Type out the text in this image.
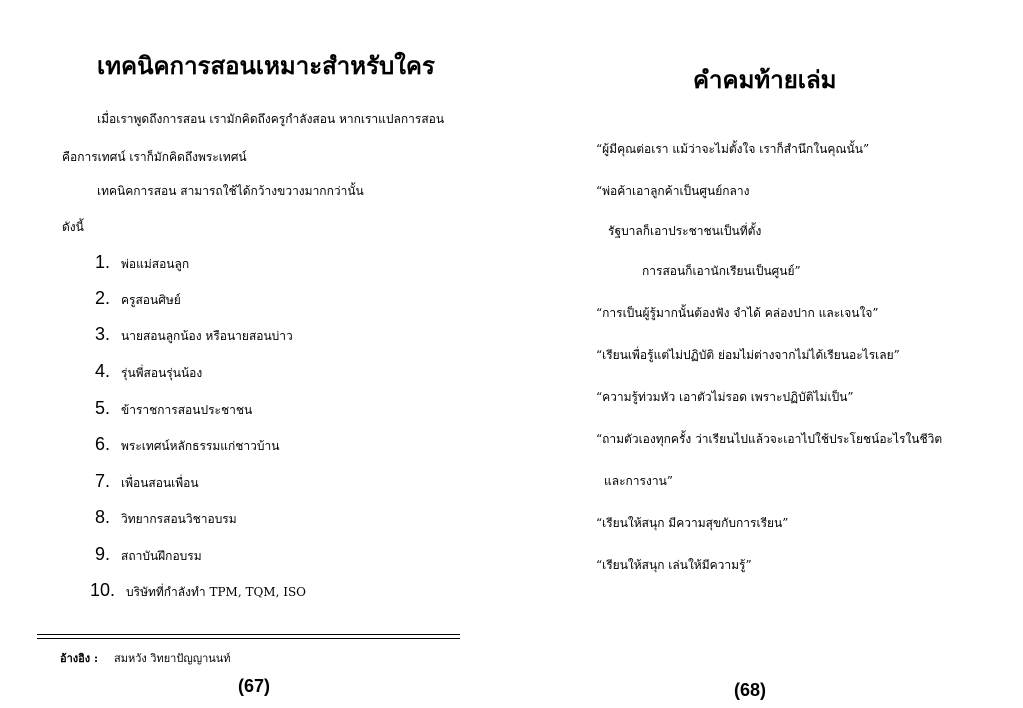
เทคนิคการสอนเหมาะสำหรับใคร
เมื่อเราพูดถึงการสอน เรามักคิดถึงครูกำลังสอน หากเราแปลการสอน
คือการเทศน์ เราก็มักคิดถึงพระเทศน์
เทคนิคการสอน สามารถใช้ได้กว้างขวางมากกว่านั้น
ดังนี้
1. พ่อแม่สอนลูก
2. ครูสอนศิษย์
3. นายสอนลูกน้อง หรือนายสอนบ่าว
4. รุ่นพี่สอนรุ่นน้อง
5. ข้าราชการสอนประชาชน
6. พระเทศน์หลักธรรมแก่ชาวบ้าน
7. เพื่อนสอนเพื่อน
8. วิทยากรสอนวิชาอบรม
9. สถาบันฝึกอบรม
10. บริษัทที่กำลังทำ TPM, TQM, ISO
อ้างอิง : สมหวัง วิทยาปัญญานนท์
(67)
คำคมท้ายเล่ม
“ผู้มีคุณต่อเรา แม้ว่าจะไม่ตั้งใจ เราก็สำนึกในคุณนั้น”
“พ่อค้าเอาลูกค้าเป็นศูนย์กลาง
รัฐบาลก็เอาประชาชนเป็นที่ตั้ง
การสอนก็เอานักเรียนเป็นศูนย์”
“การเป็นผู้รู้มากนั้นต้องฟัง จำได้ คล่องปาก และเจนใจ”
“เรียนเพื่อรู้แต่ไม่ปฏิบัติ ย่อมไม่ต่างจากไม่ได้เรียนอะไรเลย”
“ความรู้ท่วมหัว เอาตัวไม่รอด เพราะปฏิบัติไม่เป็น”
“ถามตัวเองทุกครั้ง ว่าเรียนไปแล้วจะเอาไปใช้ประโยชน์อะไรในชีวิต
และการงาน”
“เรียนให้สนุก มีความสุขกับการเรียน”
“เรียนให้สนุก เล่นให้มีความรู้”
(68)
